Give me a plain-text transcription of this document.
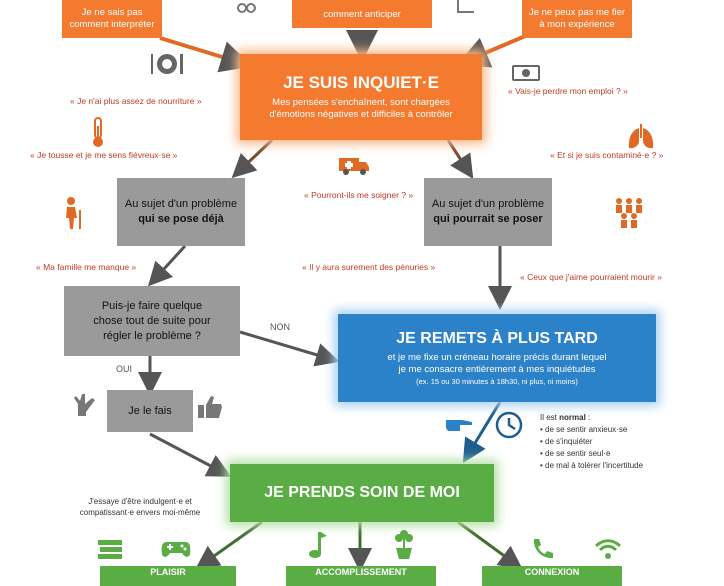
Je ne sais pas
comment interpréter
comment anticiper	Je ne peux pas me fier
à mon expérience
JE SUIS INQUIET·E
Mes pensées s'enchaînent, sont chargées
d'émotions négatives et difficiles à contrôler
Au sujet d'un problème
qui se pose déjà
Au sujet d'un problème
qui pourrait se poser
Puis-je faire quelque
chose tout de suite pour
régler le problème ?
NON
OUI
Je le fais
JE REMETS À PLUS TARD
et je me fixe un créneau horaire précis durant lequel
je me consacre entièrement à mes inquiétudes
(ex. 15 ou 30 minutes à 18h30, ni plus, ni moins)
Il est normal :
• de se sentir anxieux·se
• de s'inquiéter
• de se sentir seul·e
• de mal à tolérer l'incertitude
JE PRENDS SOIN DE MOI
J'essaye d'être indulgent·e et
compatissant·e envers moi-même
PLAISIR	ACCOMPLISSEMENT	CONNEXION
« Je n'ai plus assez de nourriture »
« Vais-je perdre mon emploi ? »
« Je tousse et je me sens fiévreux·se »	« Et si je suis contaminé·e ? »
« Pourront-ils me soigner ? »
« Ma famille me manque »	« Il y aura surement des pénuries »
« Ceux que j'aime pourraient mourir »
